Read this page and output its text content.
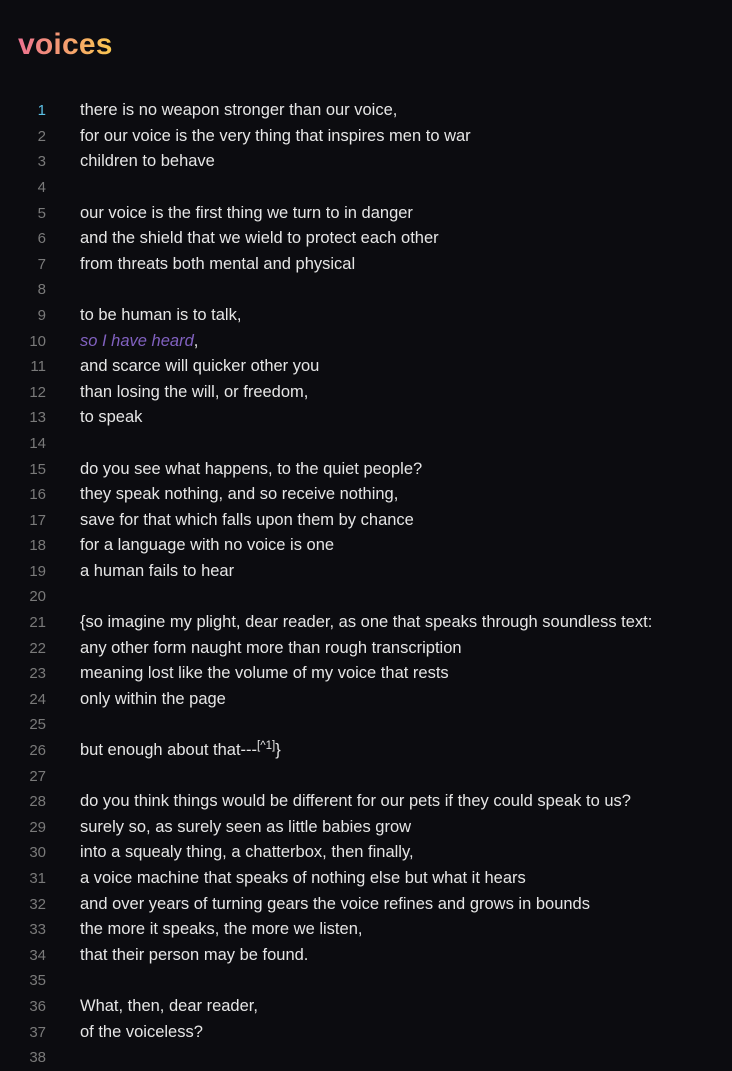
voices
1	there is no weapon stronger than our voice,
2	for our voice is the very thing that inspires men to war
3	children to behave
4
5	our voice is the first thing we turn to in danger
6	and the shield that we wield to protect each other
7	from threats both mental and physical
8
9	to be human is to talk,
10	so I have heard,
11	and scarce will quicker other you
12	than losing the will, or freedom,
13	to speak
14
15	do you see what happens, to the quiet people?
16	they speak nothing, and so receive nothing,
17	save for that which falls upon them by chance
18	for a language with no voice is one
19	a human fails to hear
20
21	{so imagine my plight, dear reader, as one that speaks through soundless text:
22	any other form naught more than rough transcription
23	meaning lost like the volume of my voice that rests
24	only within the page
25
26	but enough about that---[^1]}
27
28	do you think things would be different for our pets if they could speak to us?
29	surely so, as surely seen as little babies grow
30	into a squealy thing, a chatterbox, then finally,
31	a voice machine that speaks of nothing else but what it hears
32	and over years of turning gears the voice refines and grows in bounds
33	the more it speaks, the more we listen,
34	that their person may be found.
35
36	What, then, dear reader,
37	of the voiceless?
38
